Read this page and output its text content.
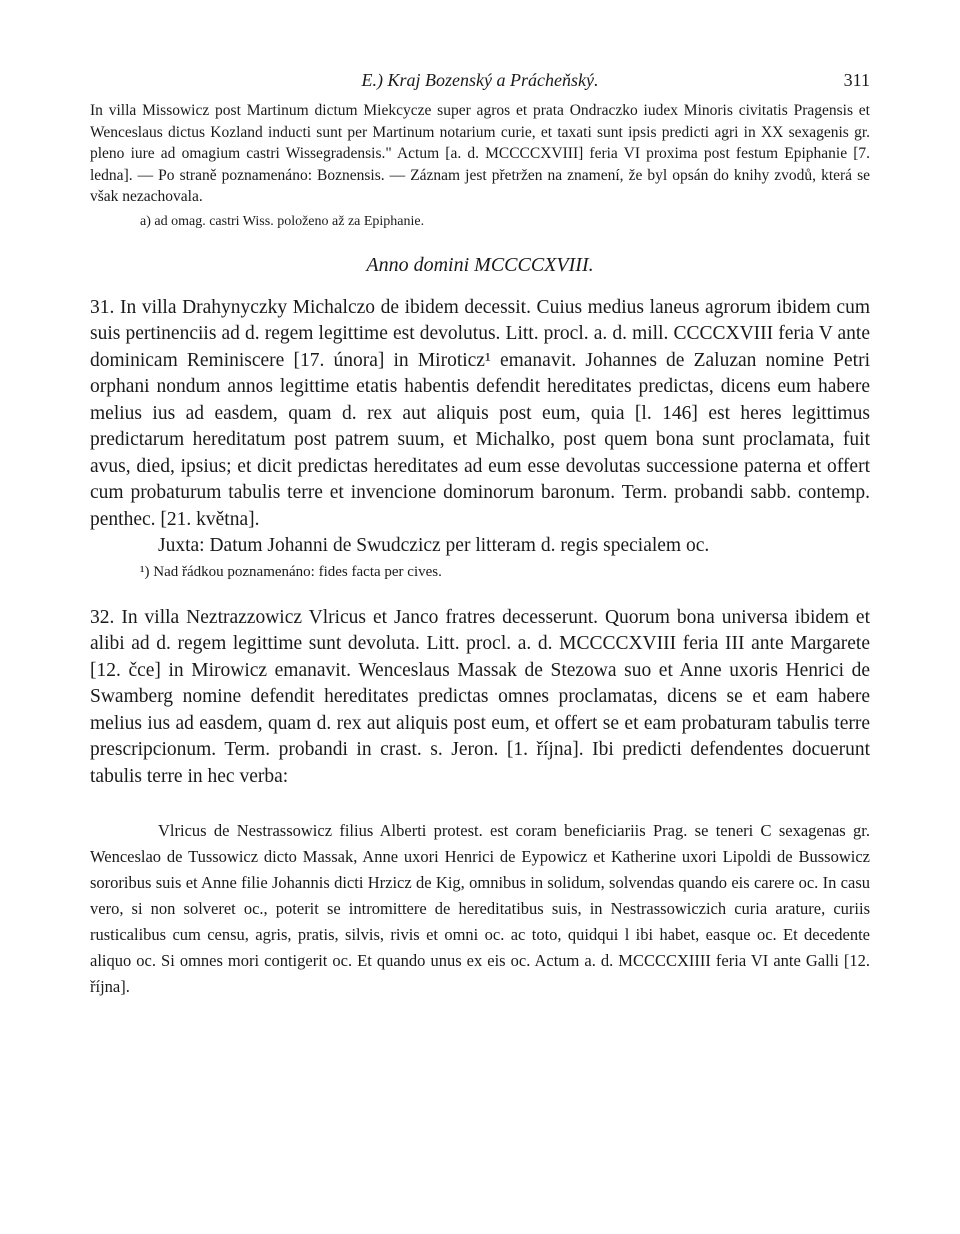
E.) Kraj Bozenský a Prácheňský.	311

In villa Missowicz post Martinum dictum Miekcycze super agros et prata Ondraczko iudex Minoris civitatis Pragensis et Wenceslaus dictus Kozland inducti sunt per Martinum notarium curie, et taxati sunt ipsis predicti agri in XX sexagenis gr. pleno iure ad omagium castri Wissegradensis." Actum [a. d. MCCCCXVIII] feria VI proxima post festum Epiphanie [7. ledna]. — Po straně poznamenáno: Boznensis. — Záznam jest přetržen na znamení, že byl opsán do knihy zvodů, která se však nezachovala.

a) ad omag. castri Wiss. položeno až za Epiphanie.

Anno domini MCCCCXVIII.

31. In villa Drahynyczky Michalczo de ibidem decessit. Cuius medius laneus agrorum ibidem cum suis pertinenciis ad d. regem legittime est devolutus. Litt. procl. a. d. mill. CCCCXVIII feria V ante dominicam Reminiscere [17. února] in Miroticz¹ emanavit. Johannes de Zaluzan nomine Petri orphani nondum annos legittime etatis habentis defendit hereditates predictas, dicens eum habere melius ius ad easdem, quam d. rex aut aliquis post eum, quia [l. 146] est heres legittimus predictarum hereditatum post patrem suum, et Michalko, post quem bona sunt proclamata, fuit avus, died, ipsius; et dicit predictas hereditates ad eum esse devolutas successione paterna et offert cum probaturum tabulis terre et invencione dominorum baronum. Term. probandi sabb. contemp. penthec. [21. května].

Juxta: Datum Johanni de Swudczicz per litteram d. regis specialem oc.

¹) Nad řádkou poznamenáno: fides facta per cives.

32. In villa Neztrazzowicz Vlricus et Janco fratres decesserunt. Quorum bona universa ibidem et alibi ad d. regem legittime sunt devoluta. Litt. procl. a. d. MCCCCXVIII feria III ante Margarete [12. čce] in Mirowicz emanavit. Wenceslaus Massak de Stezowa suo et Anne uxoris Henrici de Swamberg nomine defendit hereditates predictas omnes proclamatas, dicens se et eam habere melius ius ad easdem, quam d. rex aut aliquis post eum, et offert se et eam probaturam tabulis terre prescripcionum. Term. probandi in crast. s. Jeron. [1. října]. Ibi predicti defendentes docuerunt tabulis terre in hec verba:

Vlricus de Nestrassowicz filius Alberti protest. est coram beneficiariis Prag. se teneri C sexagenas gr. Wenceslao de Tussowicz dicto Massak, Anne uxori Henrici de Eypowicz et Katherine uxori Lipoldi de Bussowicz sororibus suis et Anne filie Johannis dicti Hrzicz de Kig, omnibus in solidum, solvendas quando eis carere oc. In casu vero, si non solveret oc., poterit se intromittere de hereditatibus suis, in Nestrassowiczich curia arature, curiis rusticalibus cum censu, agris, pratis, silvis, rivis et omni oc. ac toto, quidqui l ibi habet, easque oc. Et decedente aliquo oc. Si omnes mori contigerit oc. Et quando unus ex eis oc. Actum a. d. MCCCCXIIII feria VI ante Galli [12. října].
